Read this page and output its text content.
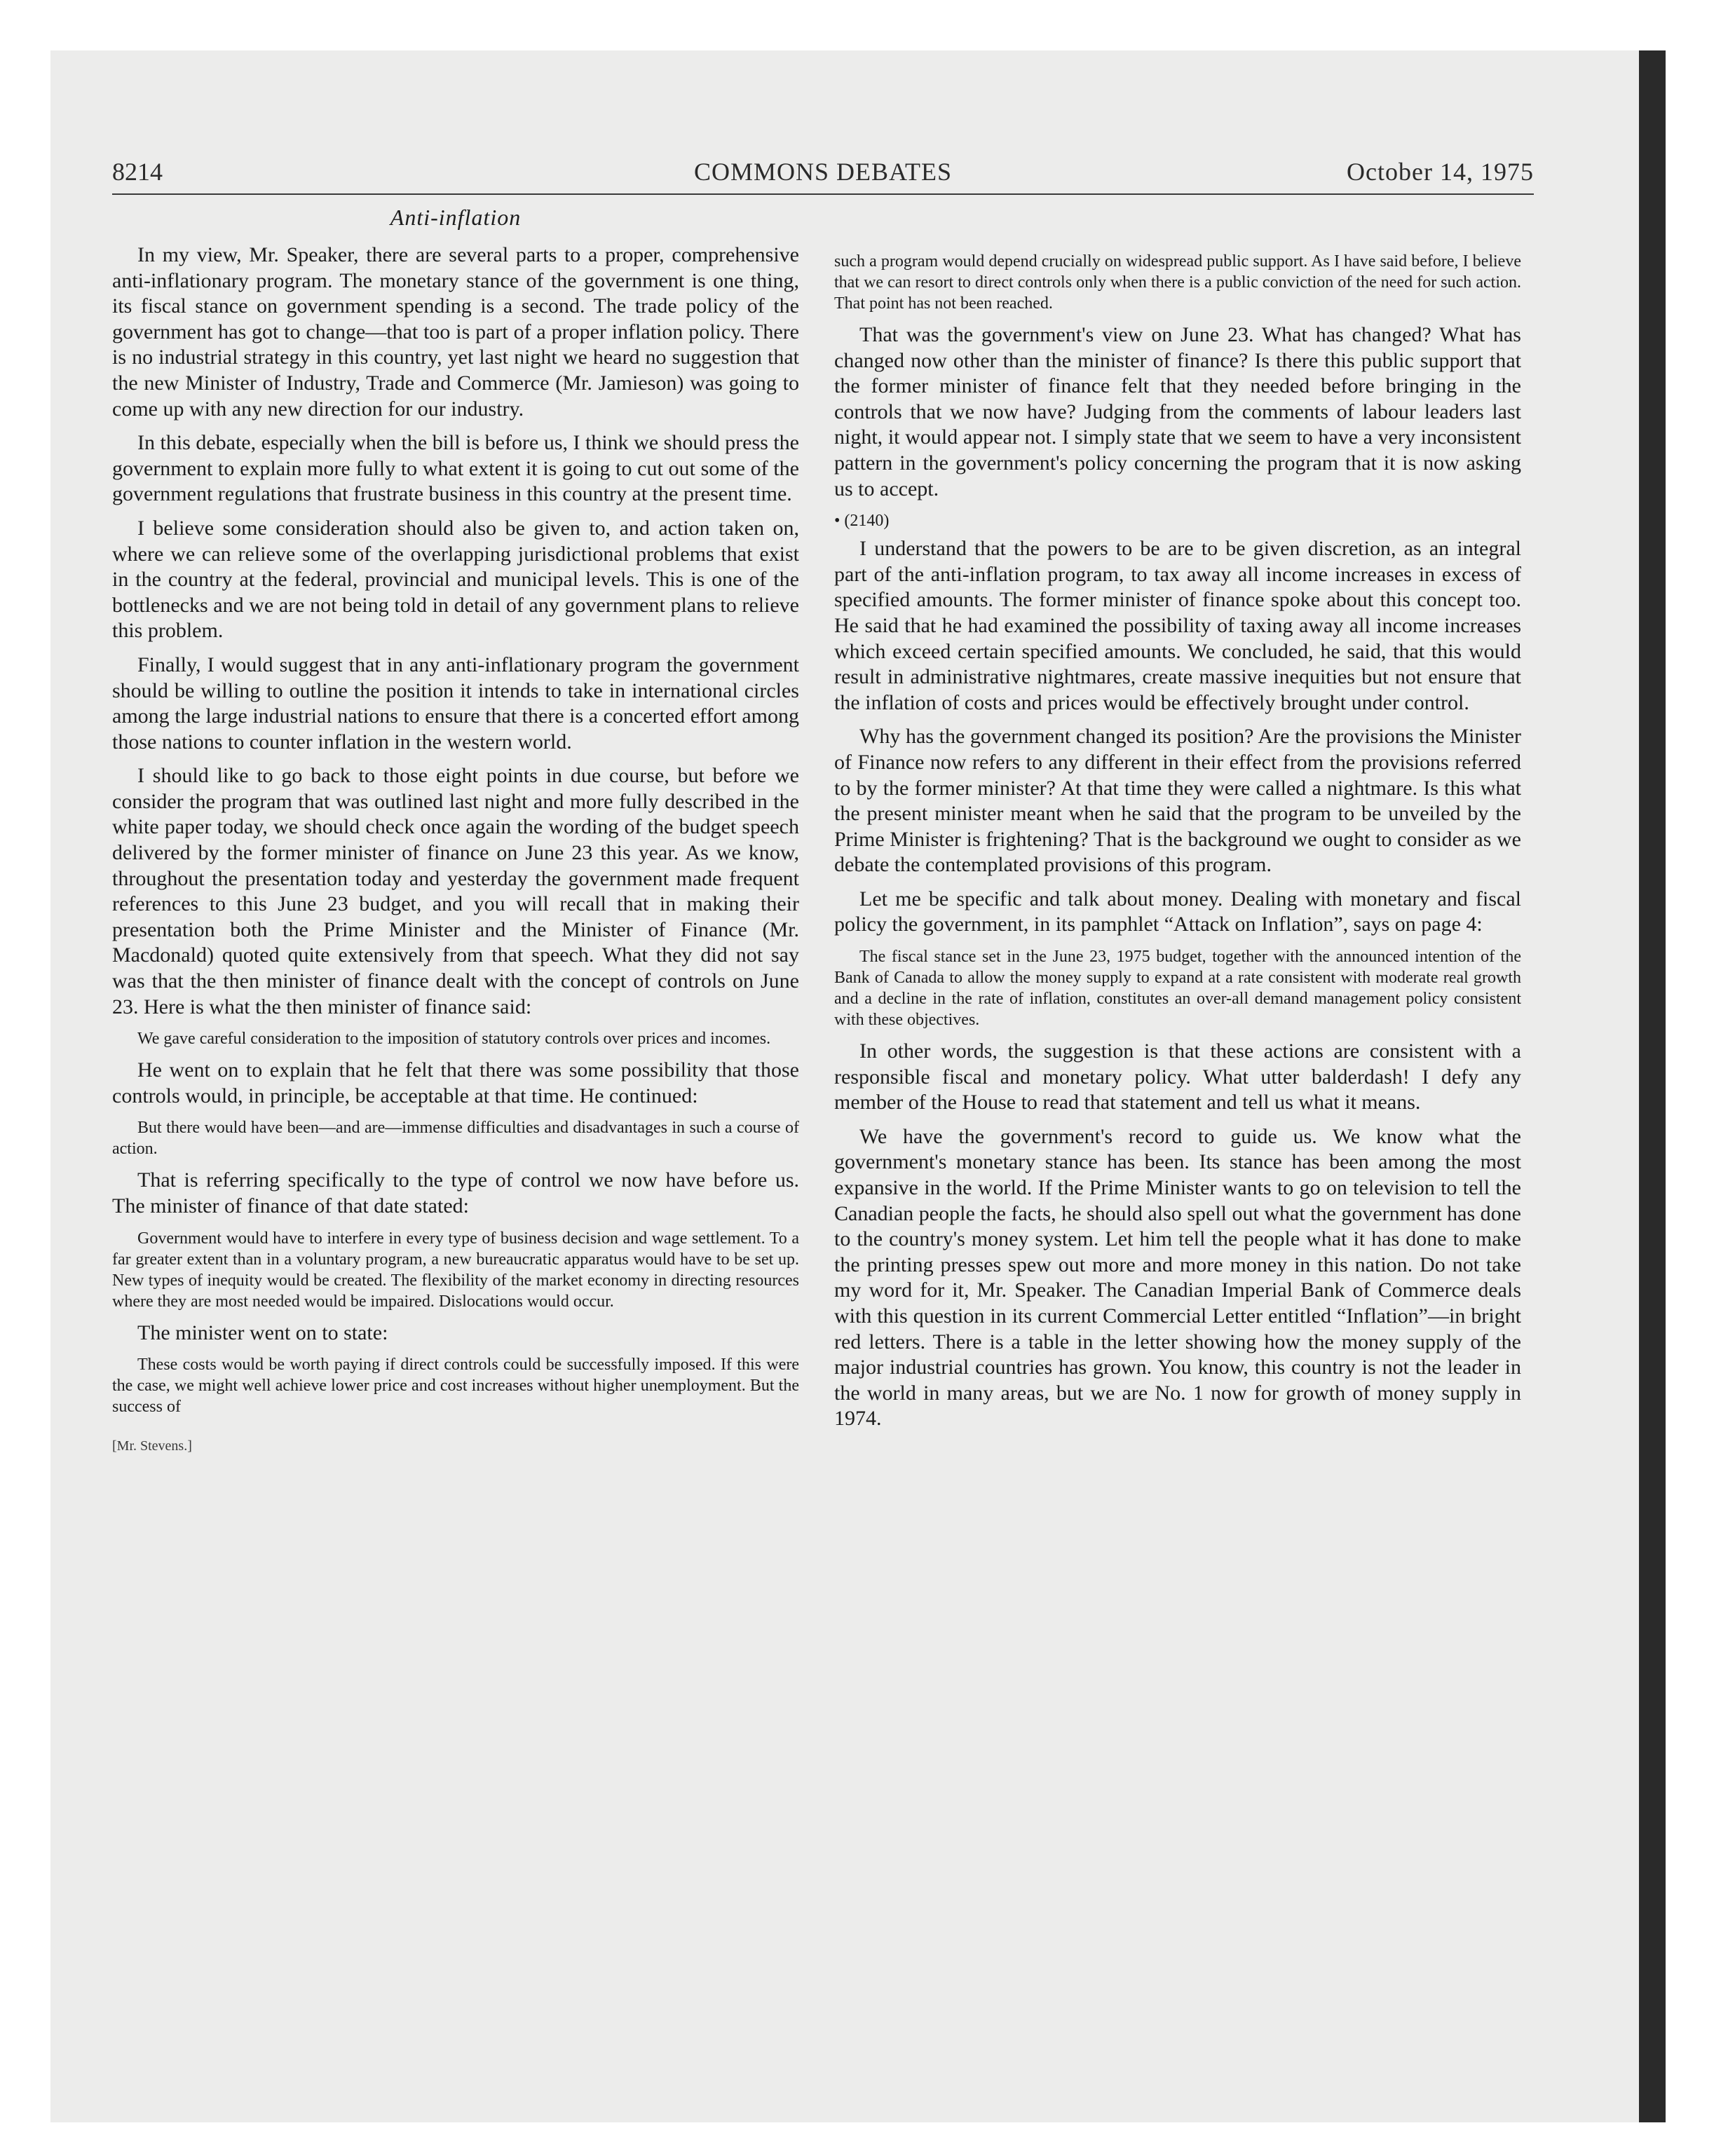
8214	COMMONS DEBATES	October 14, 1975
Anti-inflation

In my view, Mr. Speaker, there are several parts to a proper, comprehensive anti-inflationary program. The monetary stance of the government is one thing, its fiscal stance on government spending is a second. The trade policy of the government has got to change—that too is part of a proper inflation policy. There is no industrial strategy in this country, yet last night we heard no suggestion that the new Minister of Industry, Trade and Commerce (Mr. Jamieson) was going to come up with any new direction for our industry.

In this debate, especially when the bill is before us, I think we should press the government to explain more fully to what extent it is going to cut out some of the government regulations that frustrate business in this country at the present time.

I believe some consideration should also be given to, and action taken on, where we can relieve some of the overlapping jurisdictional problems that exist in the country at the federal, provincial and municipal levels. This is one of the bottlenecks and we are not being told in detail of any government plans to relieve this problem.

Finally, I would suggest that in any anti-inflationary program the government should be willing to outline the position it intends to take in international circles among the large industrial nations to ensure that there is a concerted effort among those nations to counter inflation in the western world.

I should like to go back to those eight points in due course, but before we consider the program that was outlined last night and more fully described in the white paper today, we should check once again the wording of the budget speech delivered by the former minister of finance on June 23 this year. As we know, throughout the presentation today and yesterday the government made frequent references to this June 23 budget, and you will recall that in making their presentation both the Prime Minister and the Minister of Finance (Mr. Macdonald) quoted quite extensively from that speech. What they did not say was that the then minister of finance dealt with the concept of controls on June 23. Here is what the then minister of finance said:

We gave careful consideration to the imposition of statutory controls over prices and incomes.

He went on to explain that he felt that there was some possibility that those controls would, in principle, be acceptable at that time. He continued:

But there would have been—and are—immense difficulties and disadvantages in such a course of action.

That is referring specifically to the type of control we now have before us. The minister of finance of that date stated:

Government would have to interfere in every type of business decision and wage settlement. To a far greater extent than in a voluntary program, a new bureaucratic apparatus would have to be set up. New types of inequity would be created. The flexibility of the market economy in directing resources where they are most needed would be impaired. Dislocations would occur.

The minister went on to state:

These costs would be worth paying if direct controls could be successfully imposed. If this were the case, we might well achieve lower price and cost increases without higher unemployment. But the success of

[Mr. Stevens.]

such a program would depend crucially on widespread public support. As I have said before, I believe that we can resort to direct controls only when there is a public conviction of the need for such action. That point has not been reached.

That was the government's view on June 23. What has changed? What has changed now other than the minister of finance? Is there this public support that the former minister of finance felt that they needed before bringing in the controls that we now have? Judging from the comments of labour leaders last night, it would appear not. I simply state that we seem to have a very inconsistent pattern in the government's policy concerning the program that it is now asking us to accept.

• (2140)

I understand that the powers to be are to be given discretion, as an integral part of the anti-inflation program, to tax away all income increases in excess of specified amounts. The former minister of finance spoke about this concept too. He said that he had examined the possibility of taxing away all income increases which exceed certain specified amounts. We concluded, he said, that this would result in administrative nightmares, create massive inequities but not ensure that the inflation of costs and prices would be effectively brought under control.

Why has the government changed its position? Are the provisions the Minister of Finance now refers to any different in their effect from the provisions referred to by the former minister? At that time they were called a nightmare. Is this what the present minister meant when he said that the program to be unveiled by the Prime Minister is frightening? That is the background we ought to consider as we debate the contemplated provisions of this program.

Let me be specific and talk about money. Dealing with monetary and fiscal policy the government, in its pamphlet “Attack on Inflation”, says on page 4:

The fiscal stance set in the June 23, 1975 budget, together with the announced intention of the Bank of Canada to allow the money supply to expand at a rate consistent with moderate real growth and a decline in the rate of inflation, constitutes an over-all demand management policy consistent with these objectives.

In other words, the suggestion is that these actions are consistent with a responsible fiscal and monetary policy. What utter balderdash! I defy any member of the House to read that statement and tell us what it means.

We have the government's record to guide us. We know what the government's monetary stance has been. Its stance has been among the most expansive in the world. If the Prime Minister wants to go on television to tell the Canadian people the facts, he should also spell out what the government has done to the country's money system. Let him tell the people what it has done to make the printing presses spew out more and more money in this nation. Do not take my word for it, Mr. Speaker. The Canadian Imperial Bank of Commerce deals with this question in its current Commercial Letter entitled “Inflation”—in bright red letters. There is a table in the letter showing how the money supply of the major industrial countries has grown. You know, this country is not the leader in the world in many areas, but we are No. 1 now for growth of money supply in 1974.
